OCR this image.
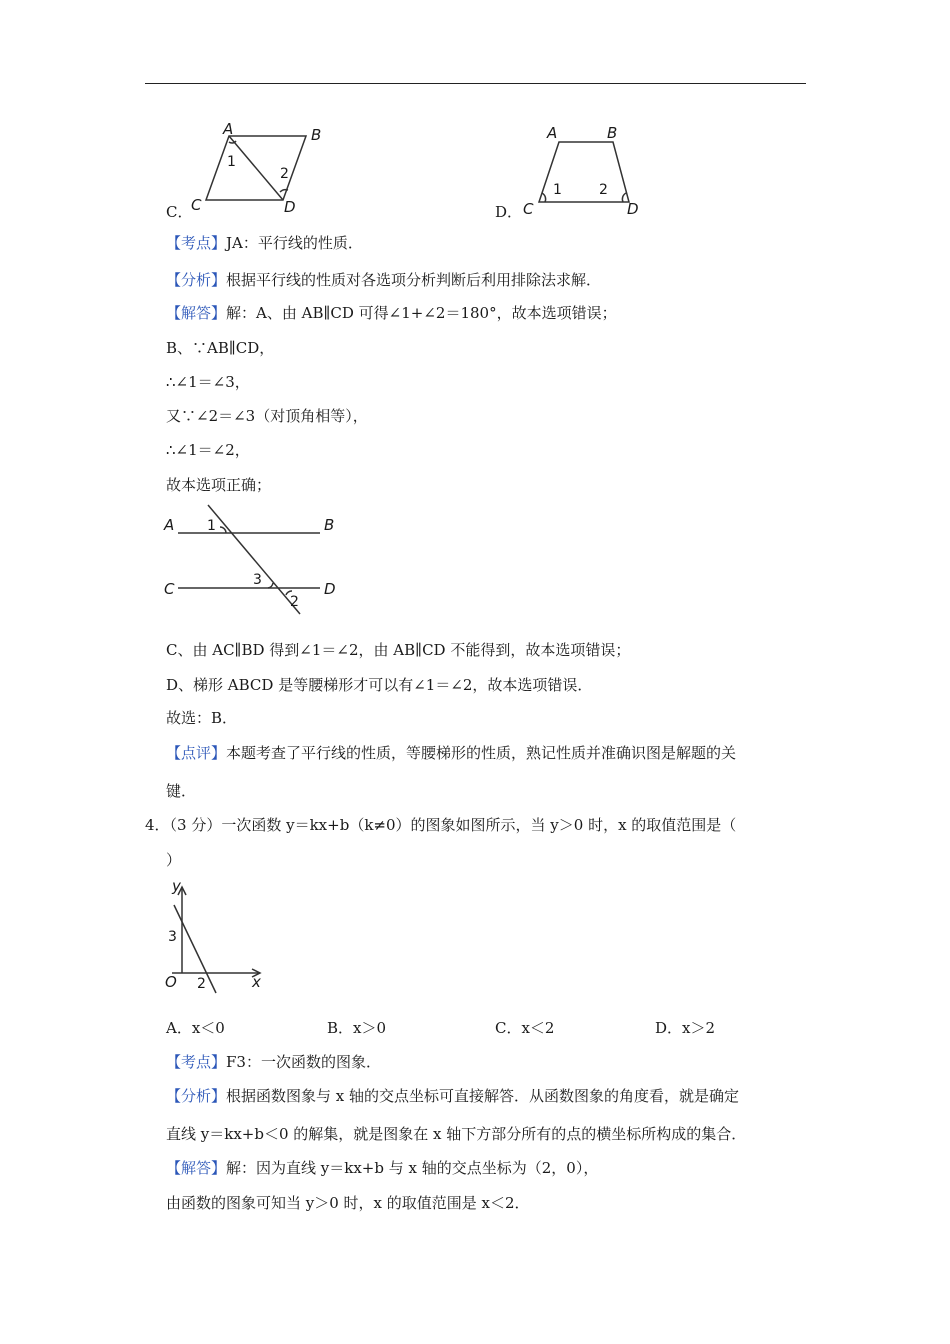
C．
A	B
C	D
1
2
D．
A	B
C	D
1	2
【考点】JA：平行线的性质．
【分析】根据平行线的性质对各选项分析判断后利用排除法求解．
【解答】解：A、由 AB∥CD 可得∠1+∠2＝180°，故本选项错误；
B、∵AB∥CD，
∴∠1＝∠3，
又∵∠2＝∠3（对顶角相等），
∴∠1＝∠2，
故本选项正确；
A	B
C	D
1
3
2
C、由 AC∥BD 得到∠1＝∠2，由 AB∥CD 不能得到，故本选项错误；
D、梯形 ABCD 是等腰梯形才可以有∠1＝∠2，故本选项错误．
故选：B．
【点评】本题考查了平行线的性质，等腰梯形的性质，熟记性质并准确识图是解题的关
键．
4．（3 分）一次函数 y＝kx+b（k≠0）的图象如图所示，当 y＞0 时，x 的取值范围是（
）
y
x
O
3
2
A．x＜0	B．x＞0	C．x＜2	D．x＞2
【考点】F3：一次函数的图象．
【分析】根据函数图象与 x 轴的交点坐标可直接解答．从函数图象的角度看，就是确定
直线 y＝kx+b＜0 的解集，就是图象在 x 轴下方部分所有的点的横坐标所构成的集合．
【解答】解：因为直线 y＝kx+b 与 x 轴的交点坐标为（2，0），
由函数的图象可知当 y＞0 时，x 的取值范围是 x＜2．
